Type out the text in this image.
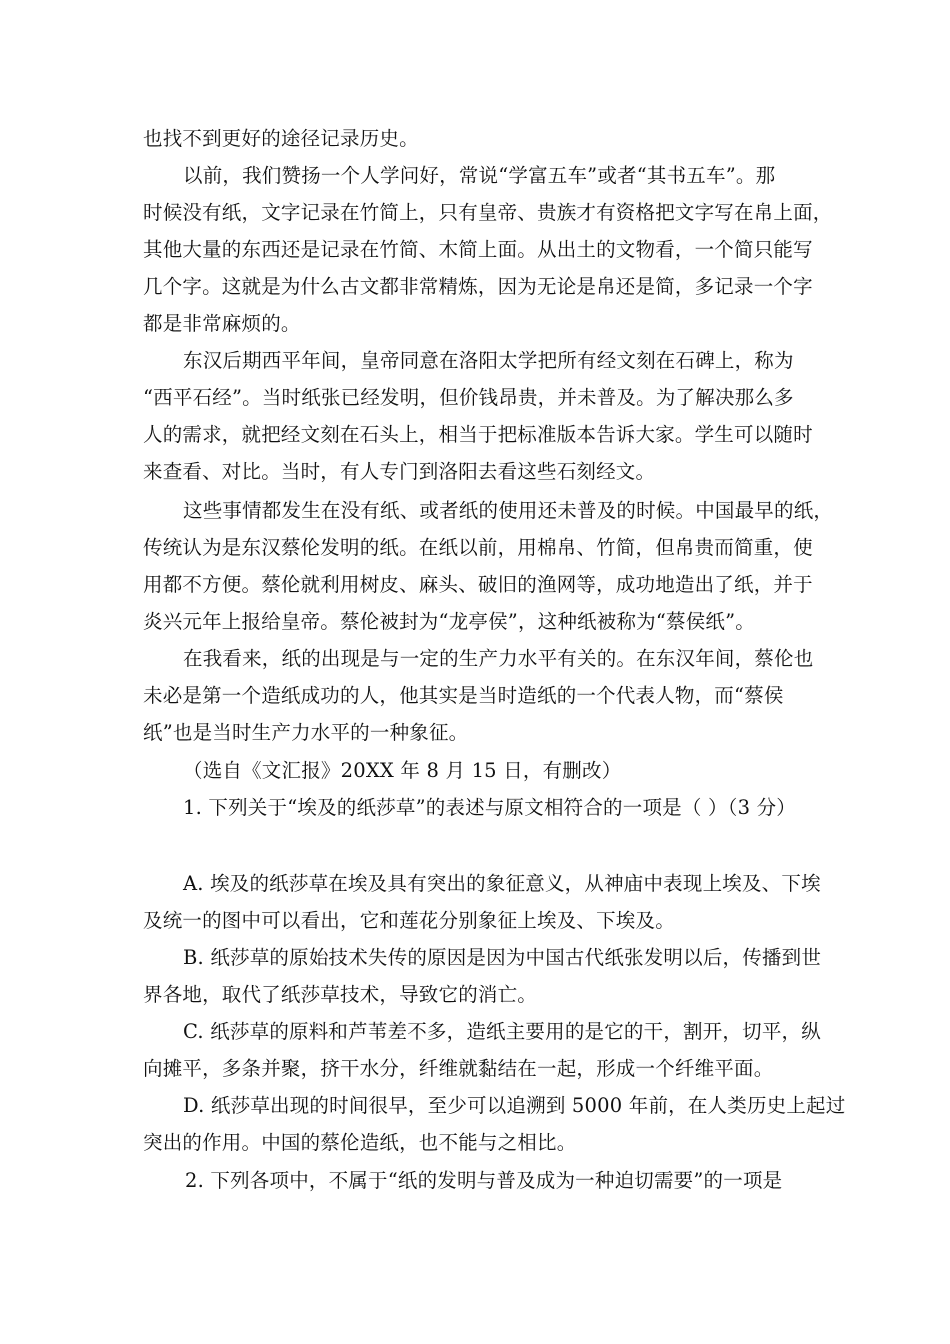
也找不到更好的途径记录历史。
以前，我们赞扬一个人学问好，常说“学富五车”或者“其书五车”。那
时候没有纸，文字记录在竹简上，只有皇帝、贵族才有资格把文字写在帛上面，
其他大量的东西还是记录在竹简、木简上面。从出土的文物看，一个简只能写
几个字。这就是为什么古文都非常精炼，因为无论是帛还是简，多记录一个字
都是非常麻烦的。
东汉后期西平年间，皇帝同意在洛阳太学把所有经文刻在石碑上，称为
“西平石经”。当时纸张已经发明，但价钱昂贵，并未普及。为了解决那么多
人的需求，就把经文刻在石头上，相当于把标准版本告诉大家。学生可以随时
来查看、对比。当时，有人专门到洛阳去看这些石刻经文。
这些事情都发生在没有纸、或者纸的使用还未普及的时候。中国最早的纸，
传统认为是东汉蔡伦发明的纸。在纸以前，用棉帛、竹简，但帛贵而简重，使
用都不方便。蔡伦就利用树皮、麻头、破旧的渔网等，成功地造出了纸，并于
炎兴元年上报给皇帝。蔡伦被封为“龙亭侯”，这种纸被称为“蔡侯纸”。
在我看来，纸的出现是与一定的生产力水平有关的。在东汉年间，蔡伦也
未必是第一个造纸成功的人，他其实是当时造纸的一个代表人物，而“蔡侯
纸”也是当时生产力水平的一种象征。
（选自《文汇报》20XX 年 8 月 15 日，有删改）
1. 下列关于“埃及的纸莎草”的表述与原文相符合的一项是（ ）（3 分）
A. 埃及的纸莎草在埃及具有突出的象征意义，从神庙中表现上埃及、下埃
及统一的图中可以看出，它和莲花分别象征上埃及、下埃及。
B. 纸莎草的原始技术失传的原因是因为中国古代纸张发明以后，传播到世
界各地，取代了纸莎草技术，导致它的消亡。
C. 纸莎草的原料和芦苇差不多，造纸主要用的是它的干，割开，切平，纵
向摊平，多条并聚，挤干水分，纤维就黏结在一起，形成一个纤维平面。
D. 纸莎草出现的时间很早，至少可以追溯到 5000 年前，在人类历史上起过
突出的作用。中国的蔡伦造纸，也不能与之相比。
2. 下列各项中，不属于“纸的发明与普及成为一种迫切需要”的一项是
